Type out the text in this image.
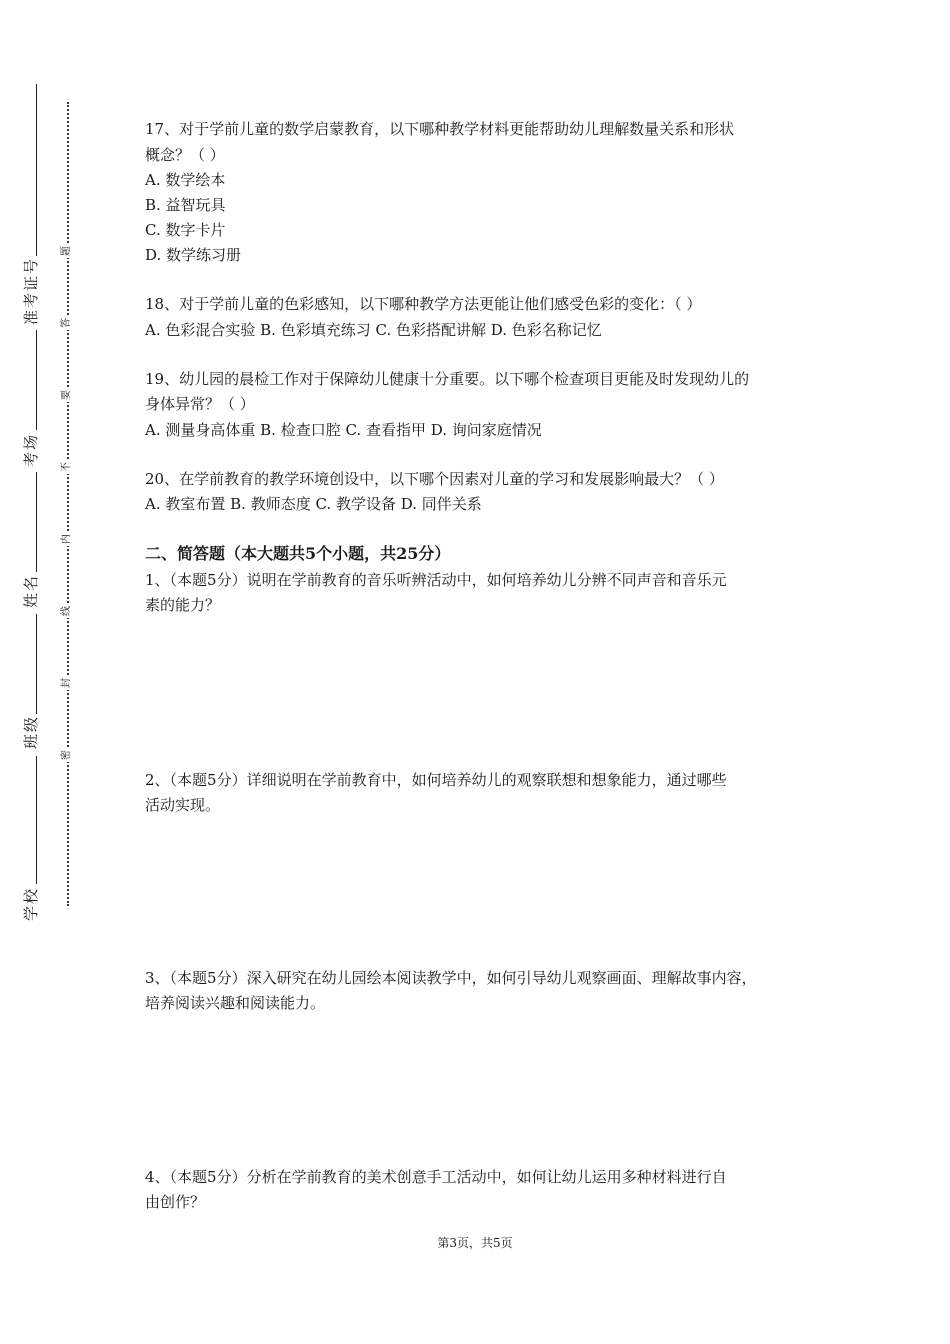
号
证
考
准
场
考
名
姓
级
班
校
学
题
答
要
不
内
线
封
密
17、对于学前儿童的数学启蒙教育，以下哪种教学材料更能帮助幼儿理解数量关系和形状
概念？（ ）
A. 数学绘本
B. 益智玩具
C. 数字卡片
D. 数学练习册
18、对于学前儿童的色彩感知，以下哪种教学方法更能让他们感受色彩的变化：（ ）
A. 色彩混合实验 B. 色彩填充练习 C. 色彩搭配讲解 D. 色彩名称记忆
19、幼儿园的晨检工作对于保障幼儿健康十分重要。以下哪个检查项目更能及时发现幼儿的
身体异常？（ ）
A. 测量身高体重 B. 检查口腔 C. 查看指甲 D. 询问家庭情况
20、在学前教育的教学环境创设中，以下哪个因素对儿童的学习和发展影响最大？（ ）
A. 教室布置 B. 教师态度 C. 教学设备 D. 同伴关系
二、简答题（本大题共5个小题，共25分）
1、（本题5分）说明在学前教育的音乐听辨活动中，如何培养幼儿分辨不同声音和音乐元
素的能力？
2、（本题5分）详细说明在学前教育中，如何培养幼儿的观察联想和想象能力，通过哪些
活动实现。
3、（本题5分）深入研究在幼儿园绘本阅读教学中，如何引导幼儿观察画面、理解故事内容，
培养阅读兴趣和阅读能力。
4、（本题5分）分析在学前教育的美术创意手工活动中，如何让幼儿运用多种材料进行自
由创作？
第3页，共5页
